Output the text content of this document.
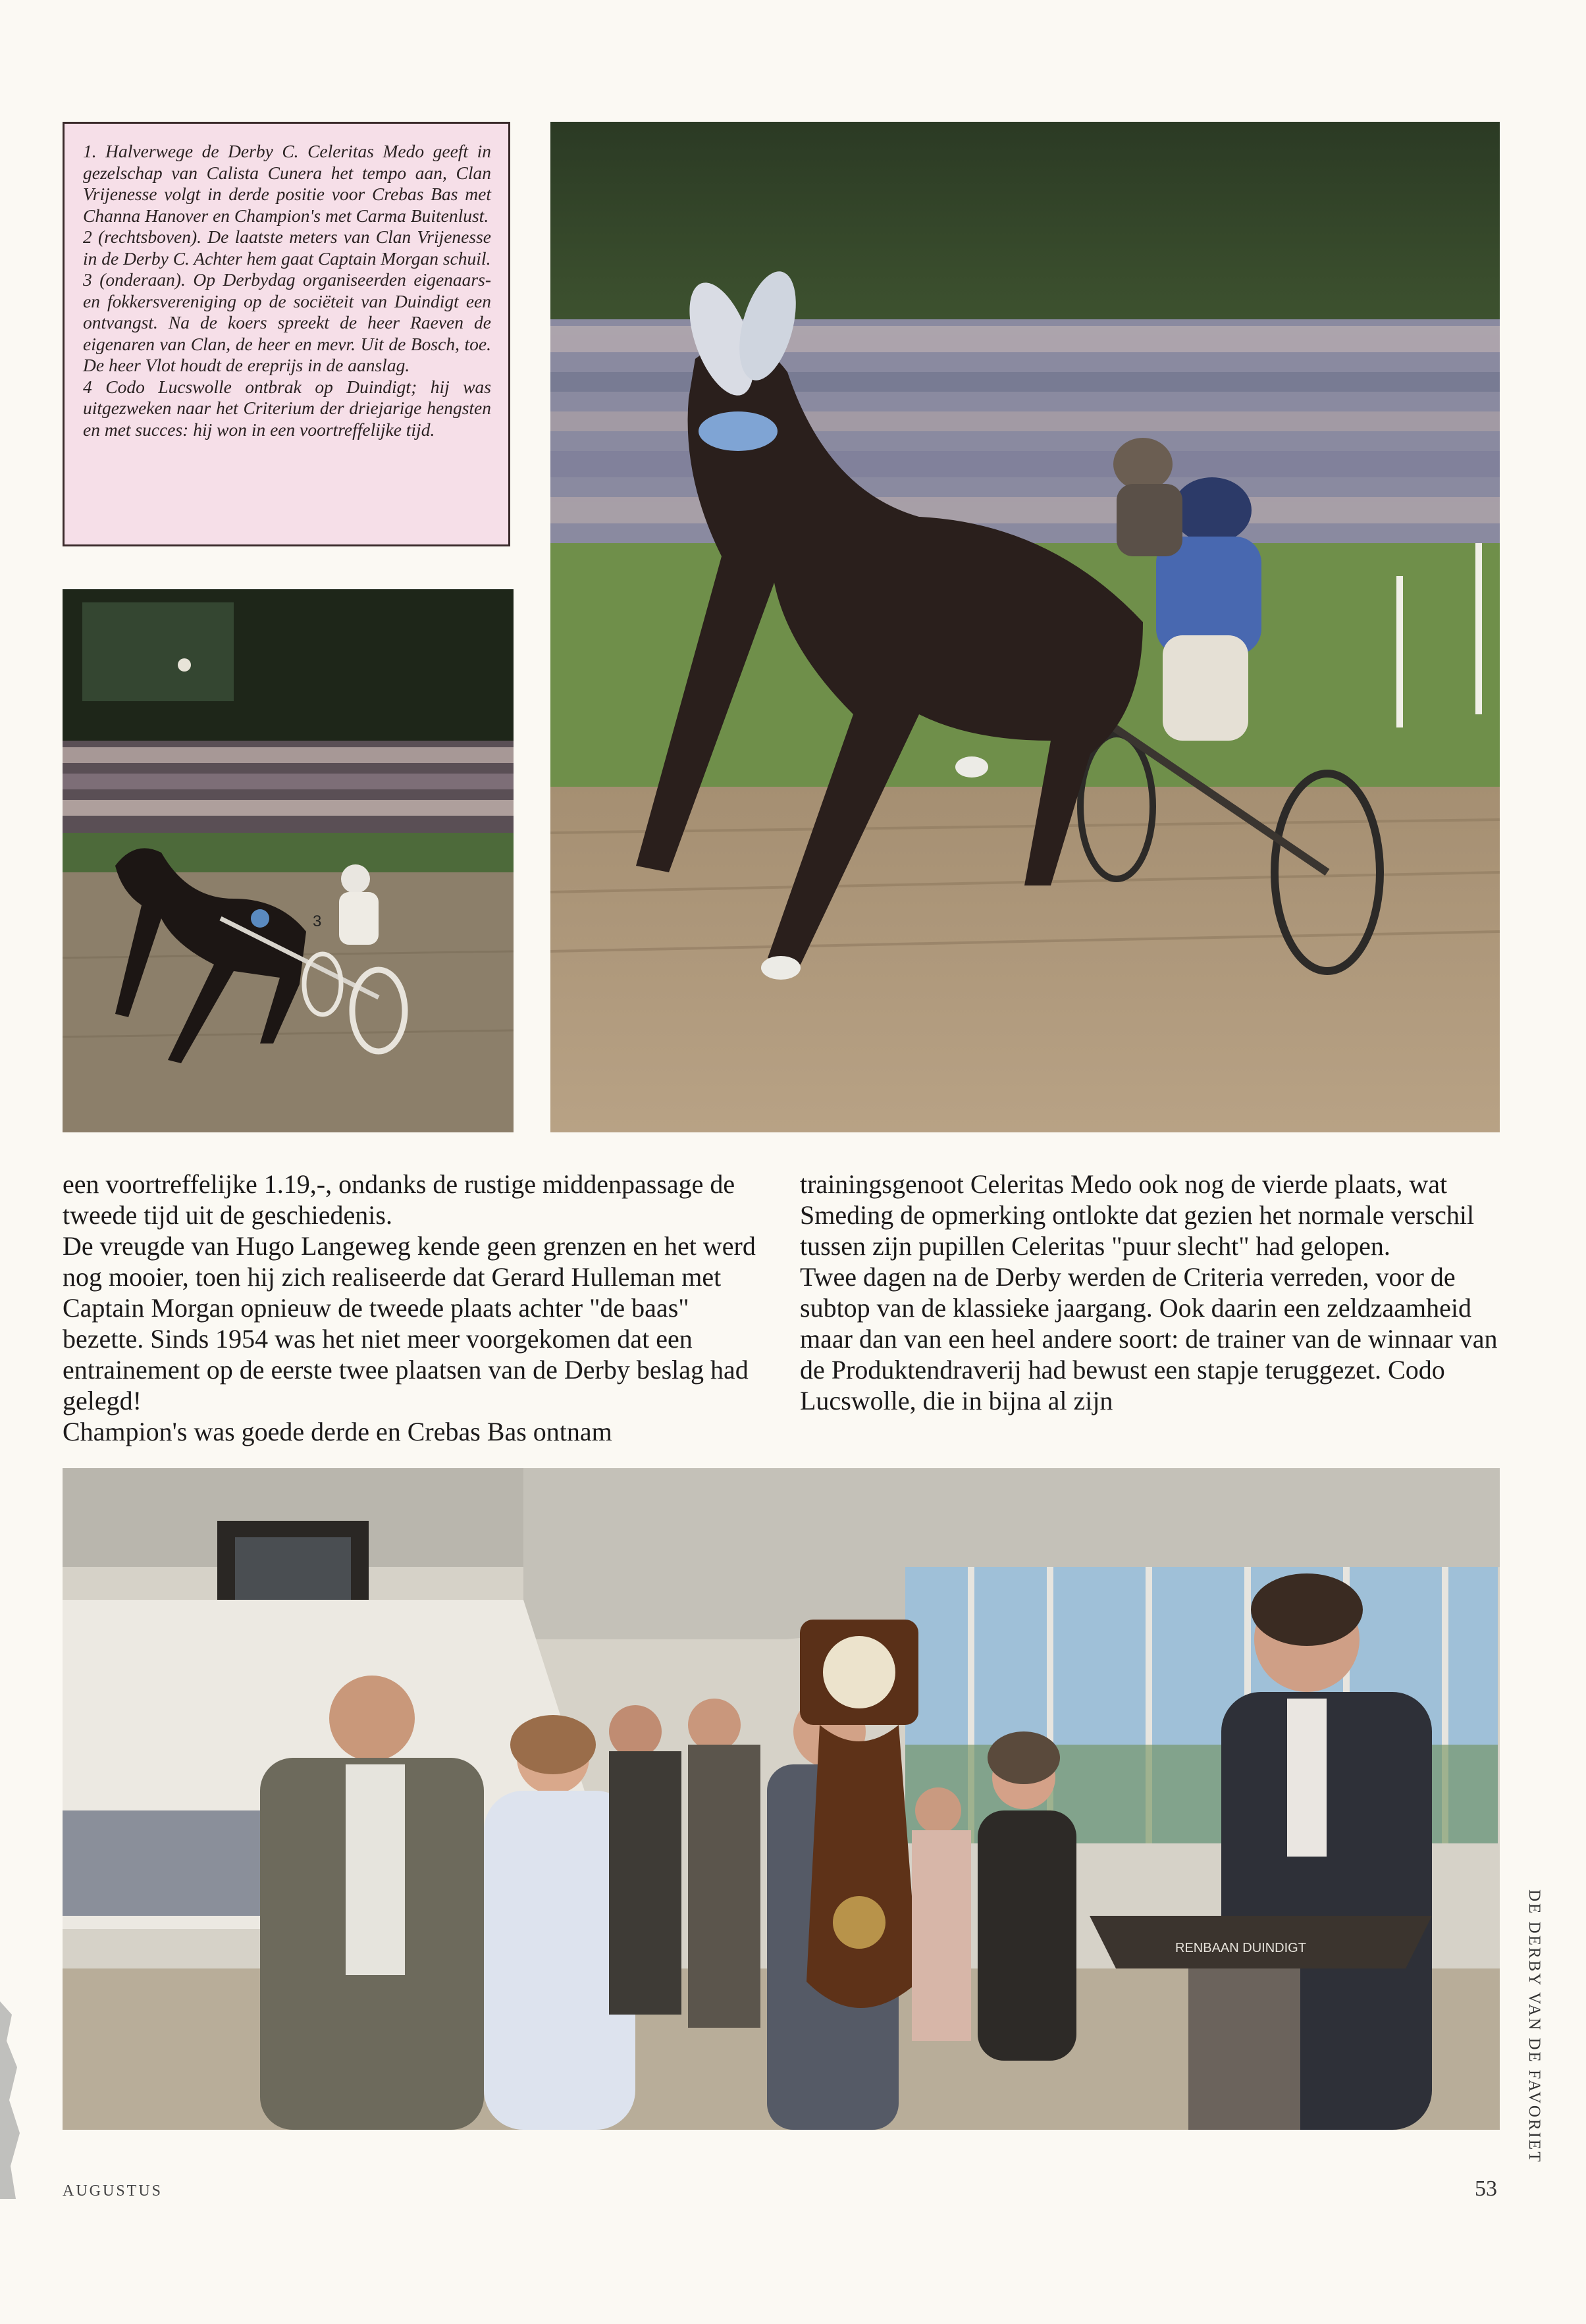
1. Halverwege de Derby C. Celeritas Medo geeft in gezelschap van Calista Cunera het tempo aan, Clan Vrijenesse volgt in derde positie voor Crebas Bas met Channa Hanover en Champion's met Carma Buitenlust.

2 (rechtsboven). De laatste meters van Clan Vrijenesse in de Derby C. Achter hem gaat Captain Morgan schuil.

3 (onderaan). Op Derbydag organiseerden eigenaars- en fokkersvereniging op de sociëteit van Duindigt een ontvangst. Na de koers spreekt de heer Raeven de eigenaren van Clan, de heer en mevr. Uit de Bosch, toe. De heer Vlot houdt de ereprijs in de aanslag.

4 Codo Lucswolle ontbrak op Duindigt; hij was uitgezweken naar het Criterium der driejarige hengsten en met succes: hij won in een voortreffelijke tijd.

3

een voortreffelijke 1.19,-, ondanks de rustige middenpassage de tweede tijd uit de geschiedenis.

De vreugde van Hugo Langeweg kende geen grenzen en het werd nog mooier, toen hij zich realiseerde dat Gerard Hulleman met Captain Morgan opnieuw de tweede plaats achter "de baas" bezette. Sinds 1954 was het niet meer voorgekomen dat een entrainement op de eerste twee plaatsen van de Derby beslag had gelegd!

Champion's was goede derde en Crebas Bas ontnam

trainingsgenoot Celeritas Medo ook nog de vierde plaats, wat Smeding de opmerking ontlokte dat gezien het normale verschil tussen zijn pupillen Celeritas "puur slecht" had gelopen.

Twee dagen na de Derby werden de Criteria verreden, voor de subtop van de klassieke jaargang. Ook daarin een zeldzaamheid maar dan van een heel andere soort: de trainer van de winnaar van de Produktendraverij had bewust een stapje teruggezet. Codo Lucswolle, die in bijna al zijn

RENBAAN DUINDIGT	DE DERBY VAN DE FAVORIET
AUGUSTUS	53
